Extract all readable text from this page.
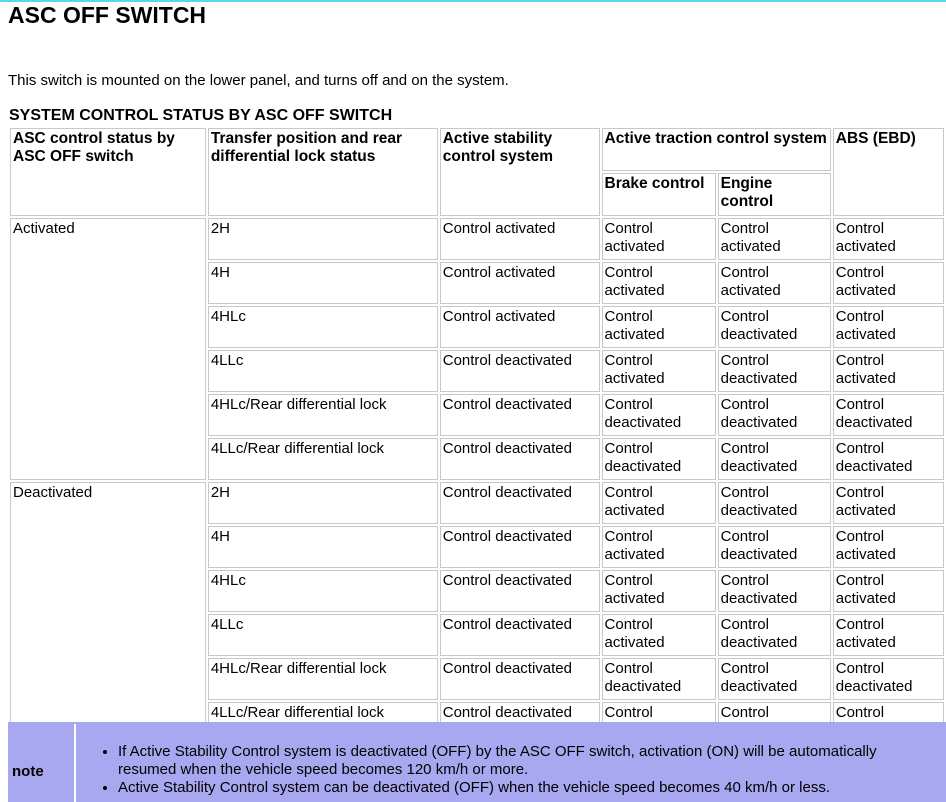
ASC OFF SWITCH

This switch is mounted on the lower panel, and turns off and on the system.

SYSTEM CONTROL STATUS BY ASC OFF SWITCH

ASC control status by ASC OFF switch	Transfer position and rear differential lock status	Active stability control system	Active traction control system		ABS (EBD)
			Brake control	Engine control	
Activated	2H	Control activated	Control activated	Control activated	Control activated
	4H	Control activated	Control activated	Control activated	Control activated
	4HLc	Control activated	Control activated	Control deactivated	Control activated
	4LLc	Control deactivated	Control activated	Control deactivated	Control activated
	4HLc/Rear differential lock	Control deactivated	Control deactivated	Control deactivated	Control deactivated
	4LLc/Rear differential lock	Control deactivated	Control deactivated	Control deactivated	Control deactivated
Deactivated	2H	Control deactivated	Control activated	Control deactivated	Control activated
	4H	Control deactivated	Control activated	Control deactivated	Control activated
	4HLc	Control deactivated	Control activated	Control deactivated	Control activated
	4LLc	Control deactivated	Control activated	Control deactivated	Control activated
	4HLc/Rear differential lock	Control deactivated	Control deactivated	Control deactivated	Control deactivated
	4LLc/Rear differential lock	Control deactivated	Control	Control	Control
note
• If Active Stability Control system is deactivated (OFF) by the ASC OFF switch, activation (ON) will be automatically resumed when the vehicle speed becomes 120 km/h or more.
• Active Stability Control system can be deactivated (OFF) when the vehicle speed becomes 40 km/h or less.
